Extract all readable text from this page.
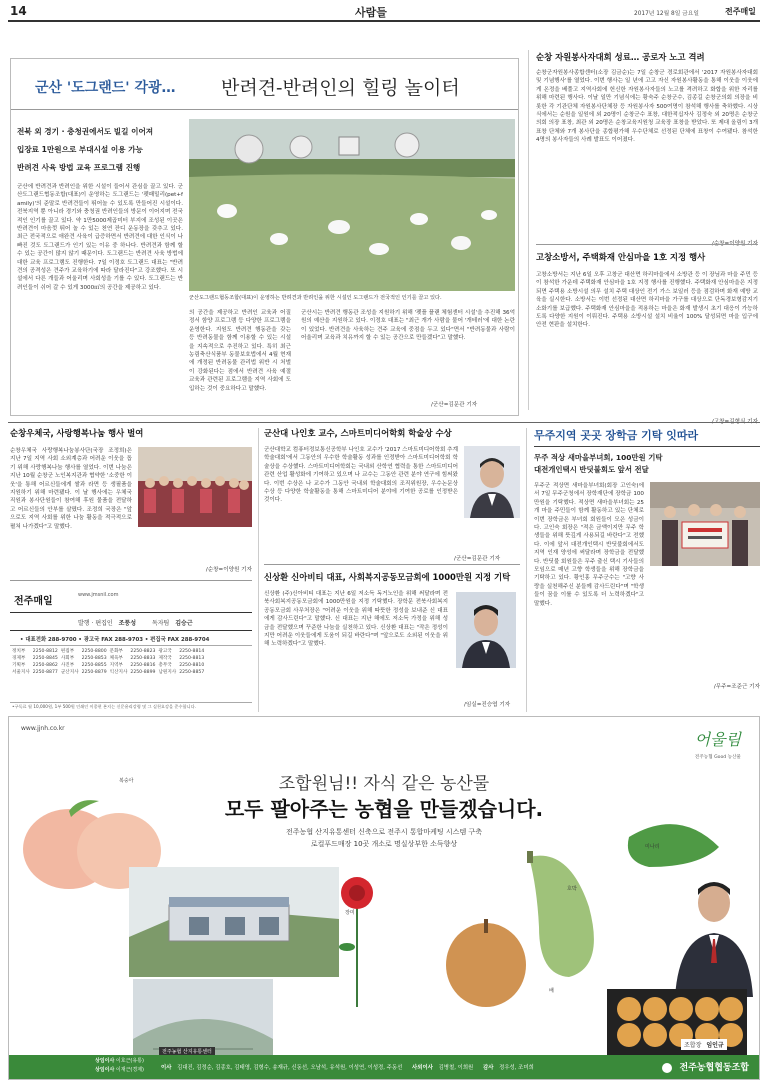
14	사람들	2017년 12월 8일 금요일	전주매일
군산 '도그랜드' 각광… 반려견-반려인의 힐링 놀이터
전북 외 경기 · 충청권에서도 빌길 이어져
입장료 1만원으로 부대시설 이용 가능
반려견 사육 방법 교육 프로그램 진행
군산에 반려견과 반려인을 위한 시설이 들어서 관심을 끌고 있다. 군산도그랜드협동조합(대표)이 운영하는 도그랜드는 '펫패밀리(pet+family)'의 준말로 반려견들이 뛰어놀 수 있도록 만들어진 시설이다. 전북지역 뿐 아니라 경기와 충청권 반려인들의 방문이 이어지며 전국적인 인기를 끌고 있다. 약 1만5000제곱미터 부지에 조성된 이곳은 반려견이 마음껏 뛰어 놀 수 있는 천연 잔디 운동장을 갖추고 있다. 최근 전국적으로 애완견 사육이 급증하면서 반려견에 대한 인식이 나빠진 것도 도그랜드가 인기 있는 이유 중 하나다. 반려견과 함께 할 수 있는 공간이 많지 않기 때문이다. 도그랜드는 반려견 사육 방법에 대한 교육 프로그램도 진행한다. 7일 이정호 도그랜드 대표는 "반려견의 공격성은 견주가 교육하기에 따라 달라진다"고 강조했다. 또 시설에서 다른 개들과 어울리며 사회성을 기를 수 있다. 도그랜드는 반려인들이 쉬어 갈 수 있게 3000㎡의 공간을 제공하고 있다.
군산도그랜드협동조합(대표)이 운영하는 반려견과 반려인을 위한 시설인 도그랜드가 전국적인 인기를 끌고 있다.
의 공간을 제공하고 반려인 교육과 어질 정서 함양 프로그램 등 다양한 프로그램을 운영한다. 지원도 반려견 행동관을 갖는 등 반려동물을 함께 이용할 수 있는 시설을 지속적으로 추진하고 있다. 특히 최근 농림축산식품부 동물보호법에서 4월 현재에 개정된 반려동물 관리법 위반 시 처벌이 강화된다는 점에서 반려견 사육 예절 교육과 관련된 프로그램을 지역 사회에 도입하는 것이 중요하다고 말했다.
군산시는 반려견 행동관 조성을 지원하기 위해 '펫플 플랜 체험센터 시설'을 추진해 36억원의 예산을 지원하고 있다. 이정호 대표는 "최근 개가 사람을 물어 '개테러'에 대한 논란이 있었다. 반려견을 사육하는 견주 교육에 중점을 두고 있다"면서 "반려동물과 사람이 어울리며 교육과 치유까지 할 수 있는 공간으로 만들겠다"고 말했다.
/군산=김문관 기자
순창 자원봉사자대회 성료… 공로자 노고 격려
순창군자원봉사종합센터(소장 김금순)는 7일 순창군 경로회관에서 '2017 자원봉사자대회 및 기념행사'를 열었다. 이번 행사는 일 년에 고고 자신 자원봉사활동을 통해 이웃을 이웃에게 온정을 베풀고 지역사회에 헌신한 자원봉사자들의 노고를 격려하고 화합을 위한 자리를 위해 마련된 행사다. 이날 일만 기념식에는 황숙주 순창군수, 김종길 순창군의회 의장을 비롯한 각 기관단체 자원봉사단체장 등 자원봉사자 500여명이 참석해 행사를 축하했다. 시상식에서는 순원을 일원에 외 20명이 순창군수 표창, 대한적십자사 김정숙 외 20명은 순창군의회 의장 표창, 최관 외 20명은 순창교육지원청 교육장 표창을 받았다. 또 제대 올림이 3개 표창 단체와 7개 봉사단을 종합평가해 우수단체로 선정된 단체에 표창이 수여됐다. 참석한 4명의 봉사자들의 사례 발표도 이어졌다.
고창소방서, 주택화재 안심마을 1호 지정 행사
고창소방서는 지난 6일 오후 고창군 대산면 하리마을에서 소방관 등 이 장님과 마을 주민 등이 참석한 가운데 주택화재 안심마을 1호 지정 행사를 진행했다. 주택화재 안심마을은 지정되면 주택용 소방시설 의무 설치 주택 대상인 전기 가스 보일러 등을 점검하며 화재 예방 교육을 실시한다. 소방서는 이번 선정된 대산면 하리마을 가구를 대상으로 단독경보형감지기 소화기를 보급했다. 주택화재 안심마을을 적용하는 마을은 화재 발생시 초기 대응이 가능하도록 다양한 지원이 이뤄진다. 주택용 소방시설 설치 비율이 100% 달성되면 마을 입구에 안전 현판을 설치한다.
순창우체국, 사랑행복나눔 행사 벌여
순창우체국 사랑행복나눔봉사단(국장 조정희)은 지난 7일 지역 사회 소외계층과 어려운 이웃을 돕기 위해 사랑행복나눔 행사를 열었다. 이번 나눔은 지난 10월 순창군 노인복지관과 협약한 '소중한 이웃'을 통해 어르신들에게 쌀과 라면 등 생필품을 지원하기 위해 마련됐다. 이 날 행사에는 우체국 직원과 봉사단원들이 참여해 후원 물품을 전달하고 어르신들의 안부를 살폈다. 조정희 국장은 "앞으로도 지역 사회를 위한 나눔 활동을 적극적으로 펼쳐 나가겠다"고 말했다.
/순창=이양원 기자
전주매일
www.jmsnil.com
발행 · 편집인 조풍성	독자팀 김승근
• 대표전화 288-9700 • 광고국 FAX 288-9703 • 편집국 FAX 288-9704
정치부	2250-8812	편집부	2250-8800	문화부	2250-8823	광고국	2250-8814
경제부	2250-8845	사회부	2250-8853	체육부	2250-8833	제작국	2250-8813
기획부	2250-8862	사진부	2250-8855	지역부	2250-8816	총무국	2250-8810
서울지사	2250-8877	군산지사	2250-8879	익산지사	2250-8899	남원지사	2250-8857
•구독료 월 10,000원, 1부 500원 인쇄인 이종현 본지는 신문윤리강령 및 그 실천요강을 준수합니다.
군산대 나인호 교수, 스마트미디어학회 학술상 수상
군산대학교 컴퓨터정보통신공학부 나인호 교수가 '2017 스마트미디어학회 추계학술대회'에서 그동안의 우수한 학술활동 성과를 인정받아 스마트미디어학회 학술상을 수상했다. 스마트미디어학회는 국내외 산학연 협력을 통한 스마트미디어 관련 산업 활성화에 기여하고 있으며 나 교수는 그동안 관련 분야 연구에 힘써왔다. 이번 수상은 나 교수가 그동안 국내외 학술대회의 조직위원장, 우수논문상 수상 등 다양한 학술활동을 통해 스마트미디어 분야에 기여한 공로를 인정받은 것이다.
/군산=김문관 기자
신상환 신아비티 대표, 사회복지공동모금회에 1000만원 지정 기탁
신상환 (주)신아비티 대표는 지난 6일 저소득 독거노인을 위해 써달라며 전북사회복지공동모금회에 1000만원을 지정 기탁했다. 장학문 전북사회복지공동모금회 사무처장은 "어려운 이웃을 위해 따뜻한 정성을 보내준 신 대표에게 감사드린다"고 말했다. 신 대표는 지난 해에도 저소득 가정을 위해 성금을 전달했으며 꾸준한 나눔을 실천하고 있다. 신상환 대표는 "작은 정성이지만 어려운 이웃들에게 도움이 되길 바란다"며 "앞으로도 소외된 이웃을 위해 노력하겠다"고 말했다.
/임실=진승엽 기자
무주지역 곳곳 장학금 기탁 잇따라
무주 적상 새마을부녀회, 100만원 기탁
대전개인택시 반딧불회도 앞서 전달
무주군 적상면 새마을부녀회(회장 고인숙)에서 7일 무주군청에서 장학재단에 장학금 100만원을 기탁했다. 적상면 새마을부녀회는 25개 마을 주민들이 함께 활동하고 있는 단체로 이번 장학금은 부녀회 회원들이 모은 성금이다. 고인숙 회장은 "적은 금액이지만 무주 학생들을 위해 뜻깊게 사용되길 바란다"고 전했다. 이에 앞서 대전개인택시 반딧불회에서도 지역 인재 양성에 써달라며 장학금을 전달했다. 반딧불 회원들은 무주 출신 택시 기사들의 모임으로 매년 고향 학생들을 위해 장학금을 기탁하고 있다. 황인홍 무주군수는 "고향 사랑을 실천해주신 분들께 감사드린다"며 "학생들이 꿈을 이룰 수 있도록 더 노력하겠다"고 말했다.
/무주=조준근 기자
www.jjnh.co.kr
어울림
전주농협 Good 농산물
조합원님!! 자식 같은 농산물
모두 팔아주는 농협을 만들겠습니다.
전주농협 산지유통센터 신축으로 전주시 통합마케팅 시스템 구축
로컬푸드매장 10곳 개소로 명실상부한 소득향상
복숭아
전주농협 산지유통센터
장미
배
호박
미나리
조합장 임인규
상임이사 이호근(유통)
상임이사 이재근(경제)	이사 김대진, 김정순, 김종호, 김태영, 김형수, 송재규, 신동선, 오남석, 유석원, 이성연, 이성경, 주동선 사외이사 김병철, 이희원 감사 정우성, 조미희	전주농협협동조합
